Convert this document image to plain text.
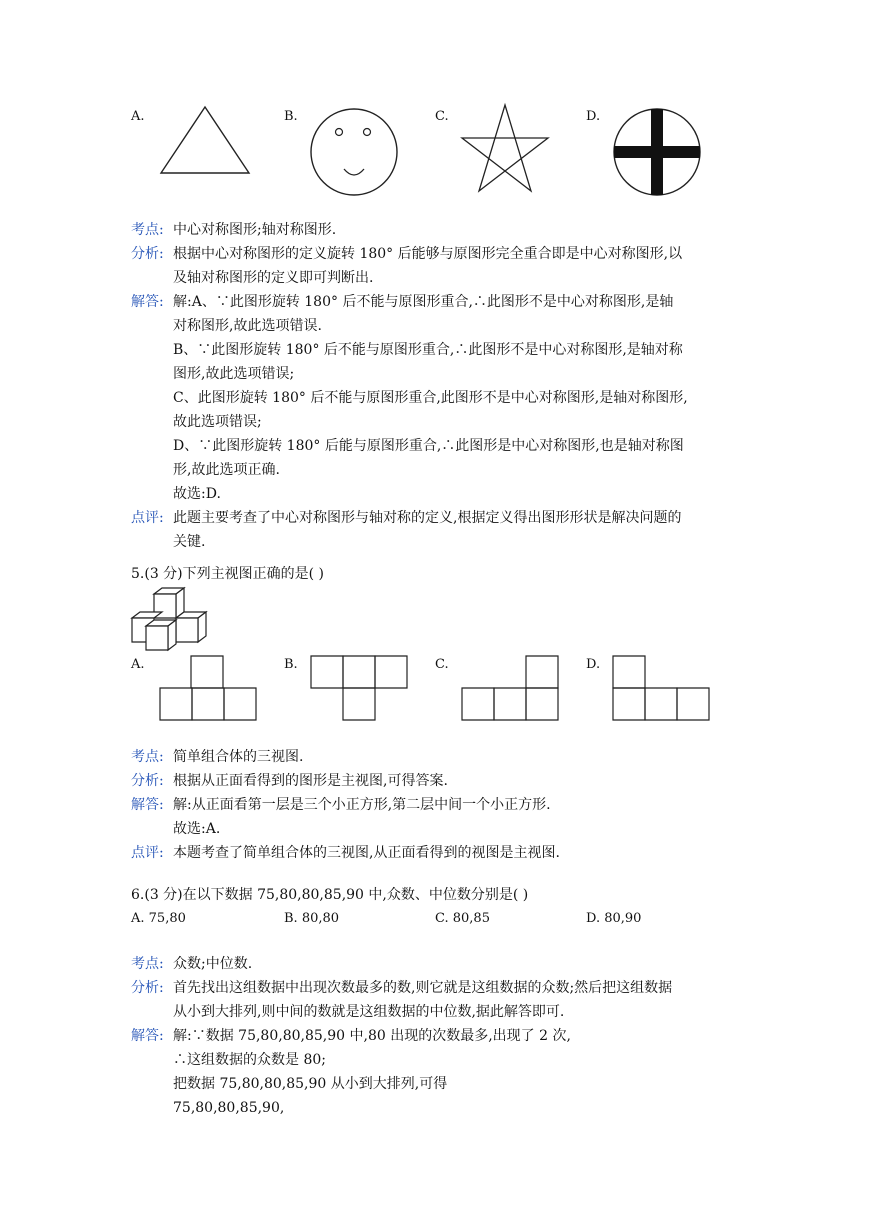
A.	B.	C.	D.
考点: 中心对称图形;轴对称图形.
分析: 根据中心对称图形的定义旋转 180° 后能够与原图形完全重合即是中心对称图形,以
及轴对称图形的定义即可判断出.
解答: 解:A、∵此图形旋转 180° 后不能与原图形重合,∴此图形不是中心对称图形,是轴
对称图形,故此选项错误.
B、∵此图形旋转 180° 后不能与原图形重合,∴此图形不是中心对称图形,是轴对称
图形,故此选项错误;
C、此图形旋转 180° 后不能与原图形重合,此图形不是中心对称图形,是轴对称图形,
故此选项错误;
D、∵此图形旋转 180° 后能与原图形重合,∴此图形是中心对称图形,也是轴对称图
形,故此选项正确.
故选:D.
点评: 此题主要考查了中心对称图形与轴对称的定义,根据定义得出图形形状是解决问题的
关键.
5.(3 分)下列主视图正确的是( )
A.	B.	C.	D.
考点: 简单组合体的三视图.
分析: 根据从正面看得到的图形是主视图,可得答案.
解答: 解:从正面看第一层是三个小正方形,第二层中间一个小正方形.
故选:A.
点评: 本题考查了简单组合体的三视图,从正面看得到的视图是主视图.
6.(3 分)在以下数据 75,80,80,85,90 中,众数、中位数分别是( )
A. 75,80	B. 80,80	C. 80,85	D. 80,90
考点: 众数;中位数.
分析: 首先找出这组数据中出现次数最多的数,则它就是这组数据的众数;然后把这组数据
从小到大排列,则中间的数就是这组数据的中位数,据此解答即可.
解答: 解:∵数据 75,80,80,85,90 中,80 出现的次数最多,出现了 2 次,
∴这组数据的众数是 80;
把数据 75,80,80,85,90 从小到大排列,可得
75,80,80,85,90,
